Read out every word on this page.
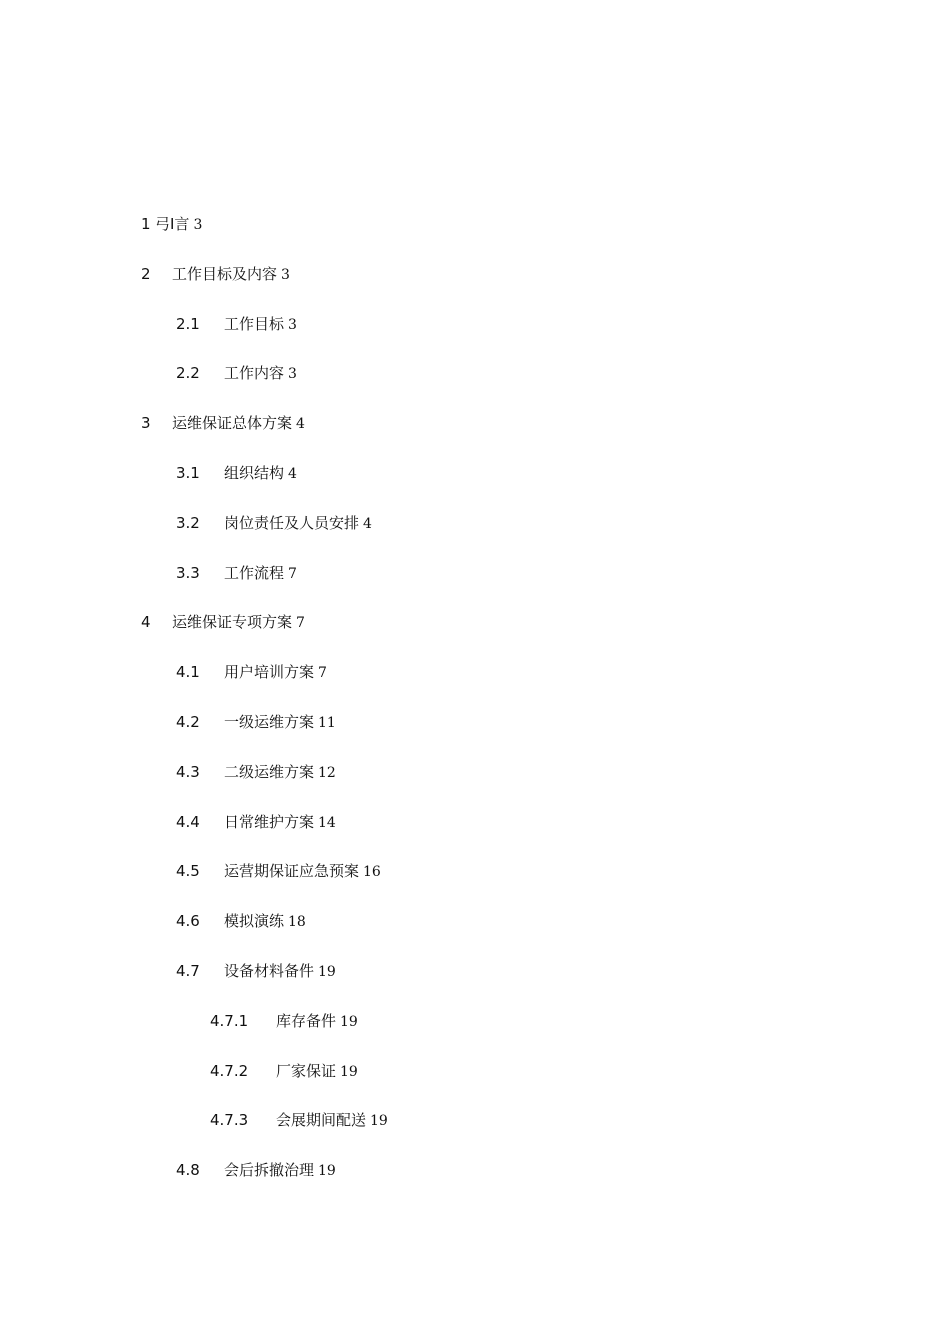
1 弓I言 3
2 工作目标及内容 3
2.1 工作目标 3
2.2 工作内容 3
3 运维保证总体方案 4
3.1 组织结构 4
3.2 岗位责任及人员安排 4
3.3 工作流程 7
4 运维保证专项方案 7
4.1 用户培训方案 7
4.2 一级运维方案 11
4.3 二级运维方案 12
4.4 日常维护方案 14
4.5 运营期保证应急预案 16
4.6 模拟演练 18
4.7 设备材料备件 19
4.7.1 库存备件 19
4.7.2 厂家保证 19
4.7.3 会展期间配送 19
4.8 会后拆撤治理 19
